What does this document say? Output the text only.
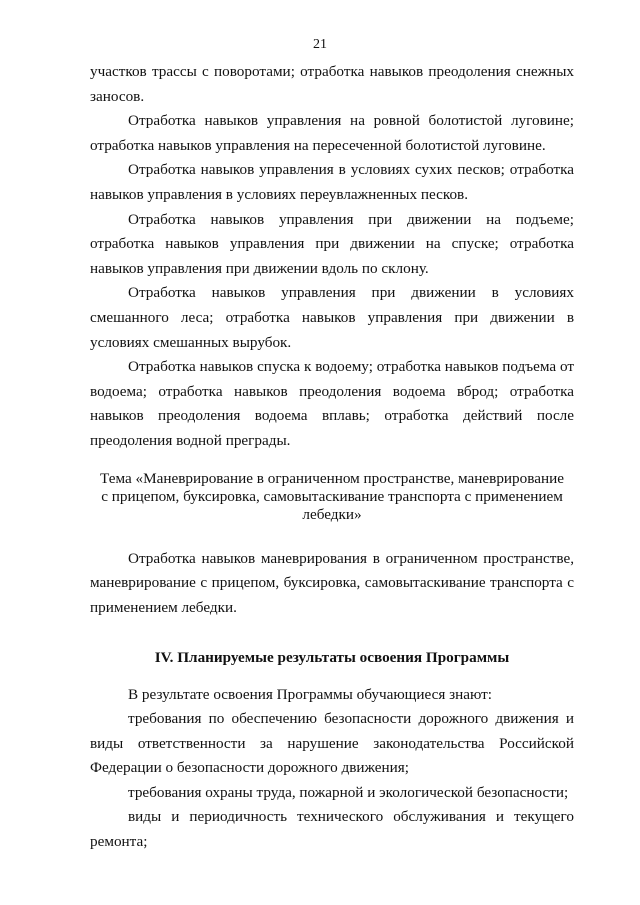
21

участков трассы с поворотами; отработка навыков преодоления снежных заносов.

Отработка навыков управления на ровной болотистой луговине; отработка навыков управления на пересеченной болотистой луговине.

Отработка навыков управления в условиях сухих песков; отработка навыков управления в условиях переувлажненных песков.

Отработка навыков управления при движении на подъеме; отработка навыков управления при движении на спуске; отработка навыков управления при движении вдоль по склону.

Отработка навыков управления при движении в условиях смешанного леса; отработка навыков управления при движении в условиях смешанных вырубок.

Отработка навыков спуска к водоему; отработка навыков подъема от водоема; отработка навыков преодоления водоема вброд; отработка навыков преодоления водоема вплавь; отработка действий после преодоления водной преграды.

Тема «Маневрирование в ограниченном пространстве, маневрирование с прицепом, буксировка, самовытаскивание транспорта с применением лебедки»

Отработка навыков маневрирования в ограниченном пространстве, маневрирование с прицепом, буксировка, самовытаскивание транспорта с применением лебедки.

IV. Планируемые результаты освоения Программы

В результате освоения Программы обучающиеся знают:

требования по обеспечению безопасности дорожного движения и виды ответственности за нарушение законодательства Российской Федерации о безопасности дорожного движения;

требования охраны труда, пожарной и экологической безопасности;

виды и периодичность технического обслуживания и текущего ремонта;
